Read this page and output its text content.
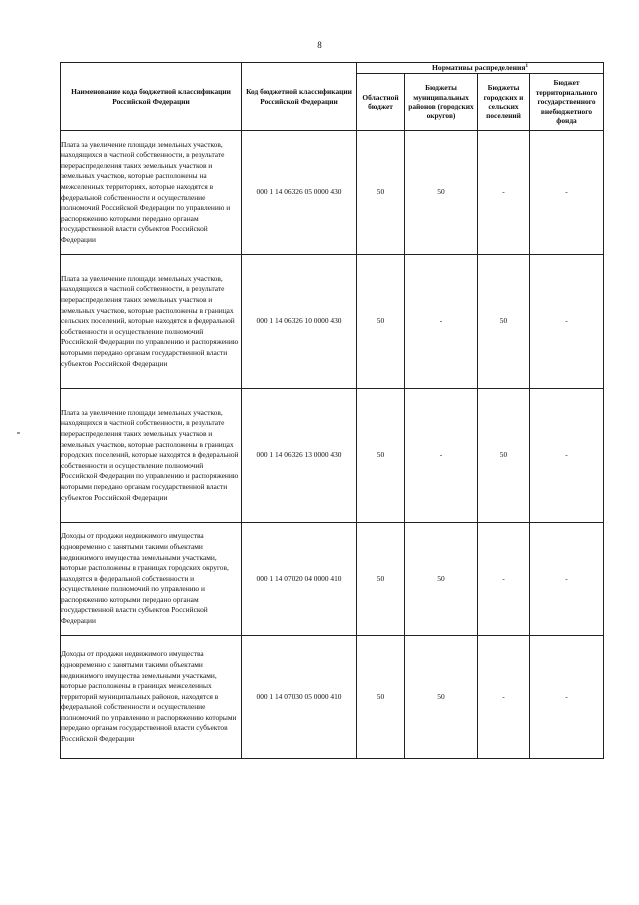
8
Наименование кода бюджетной классификации Российской Федерации	Код бюджетной классификации Российской Федерации	Нормативы распределения$^1$
		Областной бюджет	Бюджеты муниципальных районов (городских округов)	Бюджеты городских и сельских поселений	Бюджет территориального государственного внебюджетного фонда
Плата за увеличение площади земельных участков, находящихся в частной собственности, в результате перераспределения таких земельных участков и земельных участков, которые расположены на межселенных территориях, которые находятся в федеральной собственности и осуществление полномочий Российской Федерации по управлению и распоряжению которыми передано органам государственной власти субъектов Российской Федерации	000 1 14 06326 05 0000 430	50	50	-	-
Плата за увеличение площади земельных участков, находящихся в частной собственности, в результате перераспределения таких земельных участков и земельных участков, которые расположены в границах сельских поселений, которые находятся в федеральной собственности и осуществление полномочий Российской Федерации по управлению и распоряжению которыми передано органам государственной власти субъектов Российской Федерации	000 1 14 06326 10 0000 430	50	-	50	-
Плата за увеличение площади земельных участков, находящихся в частной собственности, в результате перераспределения таких земельных участков и земельных участков, которые расположены в границах городских поселений, которые находятся в федеральной собственности и осуществление полномочий Российской Федерации по управлению и распоряжению которыми передано органам государственной власти субъектов Российской Федерации	000 1 14 06326 13 0000 430	50	-	50	-
Доходы от продажи недвижимого имущества одновременно с занятыми такими объектами недвижимого имущества земельными участками, которые расположены в границах городских округов, находятся в федеральной собственности и осуществление полномочий по управлению и распоряжению которыми передано органам государственной власти субъектов Российской Федерации	000 1 14 07020 04 0000 410	50	50	-	-
Доходы от продажи недвижимого имущества одновременно с занятыми такими объектами недвижимого имущества земельными участками, которые расположены в границах межселенных территорий муниципальных районов, находятся в федеральной собственности и осуществление полномочий по управлению и распоряжению которыми передано органам государственной власти субъектов Российской Федерации	000 1 14 07030 05 0000 410	50	50	-	-
